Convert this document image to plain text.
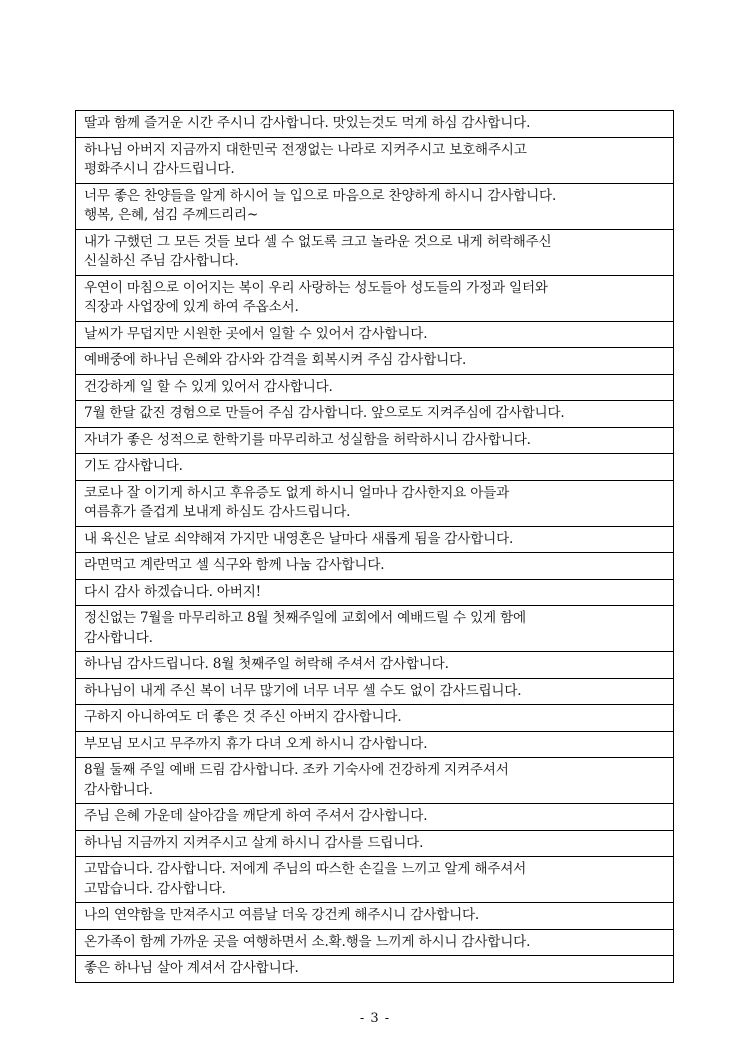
딸과 함께 즐거운 시간 주시니 감사합니다. 맛있는것도 먹게 하심 감사합니다.

하나님 아버지 지금까지 대한민국 전쟁없는 나라로 지켜주시고 보호해주시고
평화주시니 감사드립니다.

너무 좋은 찬양들을 알게 하시어 늘 입으로 마음으로 찬양하게 하시니 감사합니다.
행복, 은혜, 섬김 주께드리리~

내가 구했던 그 모든 것들 보다 셀 수 없도록 크고 놀라운 것으로 내게 허락해주신
신실하신 주님 감사합니다.

우연이 마침으로 이어지는 복이 우리 사랑하는 성도들아 성도들의 가정과 일터와
직장과 사업장에 있게 하여 주옵소서.

날씨가 무덥지만 시원한 곳에서 일할 수 있어서 감사합니다.

예배중에 하나님 은혜와 감사와 감격을 회복시켜 주심 감사합니다.

건강하게 일 할 수 있게 있어서 감사합니다.

7월 한달 값진 경험으로 만들어 주심 감사합니다. 앞으로도 지켜주심에 감사합니다.

자녀가 좋은 성적으로 한학기를 마무리하고 성실함을 허락하시니 감사합니다.

기도 감사합니다.

코로나 잘 이기게 하시고 후유증도 없게 하시니 얼마나 감사한지요 아들과
여름휴가 즐겁게 보내게 하심도 감사드립니다.

내 육신은 날로 쇠약해져 가지만 내영혼은 날마다 새롭게 됨을 감사합니다.

라면먹고 계란먹고 셀 식구와 함께 나눔 감사합니다.

다시 감사 하겠습니다. 아버지!

정신없는 7월을 마무리하고 8월 첫째주일에 교회에서 예배드릴 수 있게 함에
감사합니다.

하나님 감사드립니다. 8월 첫째주일 허락해 주셔서 감사합니다.

하나님이 내게 주신 복이 너무 많기에 너무 너무 셀 수도 없이 감사드립니다.

구하지 아니하여도 더 좋은 것 주신 아버지 감사합니다.

부모님 모시고 무주까지 휴가 다녀 오게 하시니 감사합니다.

8월 둘째 주일 예배 드림 감사합니다. 조카 기숙사에 건강하게 지켜주셔서
감사합니다.

주님 은혜 가운데 살아감을 깨닫게 하여 주셔서 감사합니다.

하나님 지금까지 지켜주시고 살게 하시니 감사를 드립니다.

고맙습니다. 감사합니다. 저에게 주님의 따스한 손길을 느끼고 알게 해주셔서
고맙습니다. 감사합니다.

나의 연약함을 만져주시고 여름날 더욱 강건케 해주시니 감사합니다.

온가족이 함께 가까운 곳을 여행하면서 소.확.행을 느끼게 하시니 감사합니다.

좋은 하나님 살아 계셔서 감사합니다.
- 3 -
